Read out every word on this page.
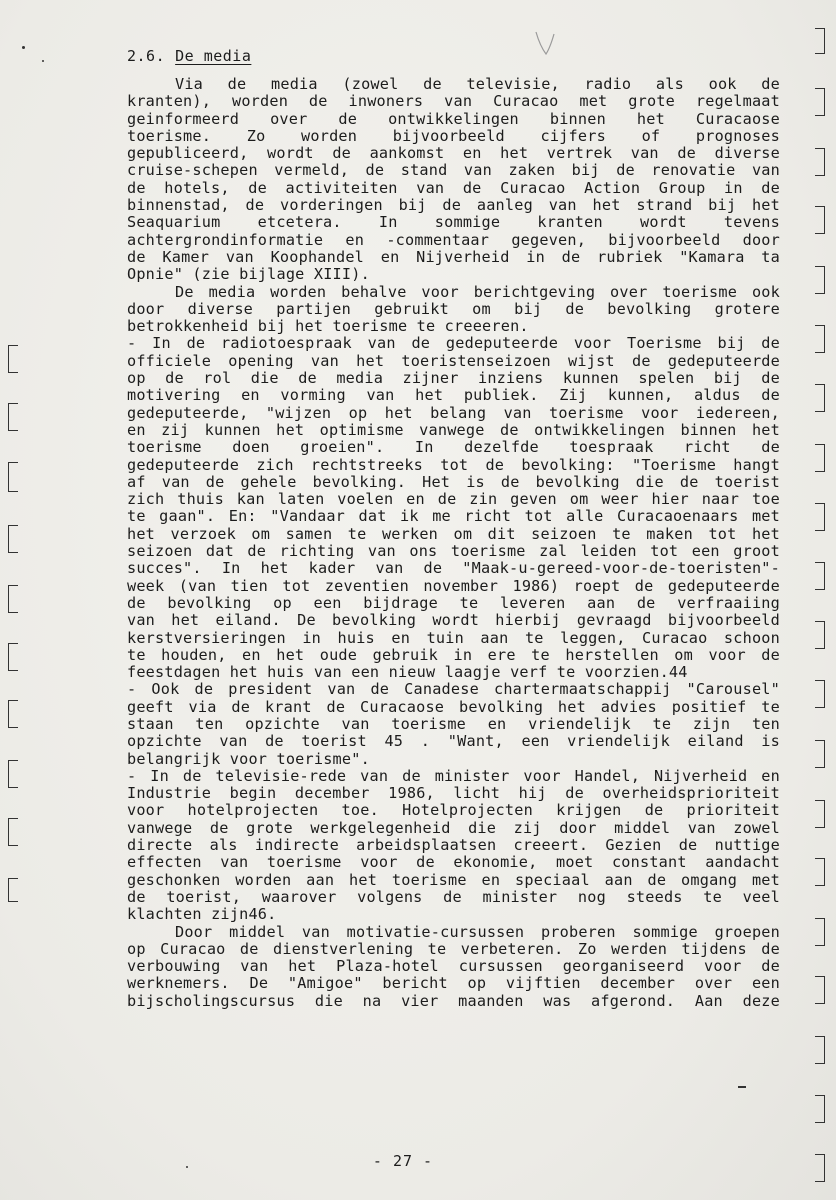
2.6. De media
Via de media (zowel de televisie, radio als ook de
kranten), worden de inwoners van Curacao met grote regelmaat
geinformeerd over de ontwikkelingen binnen het Curacaose
toerisme. Zo worden bijvoorbeeld cijfers of prognoses
gepubliceerd, wordt de aankomst en het vertrek van de diverse
cruise-schepen vermeld, de stand van zaken bij de renovatie van
de hotels, de activiteiten van de Curacao Action Group in de
binnenstad, de vorderingen bij de aanleg van het strand bij het
Seaquarium etcetera. In sommige kranten wordt tevens
achtergrondinformatie en -commentaar gegeven, bijvoorbeeld door
de Kamer van Koophandel en Nijverheid in de rubriek "Kamara ta
Opnie" (zie bijlage XIII).
De media worden behalve voor berichtgeving over toerisme ook
door diverse partijen gebruikt om bij de bevolking grotere
betrokkenheid bij het toerisme te creeeren.
- In de radiotoespraak van de gedeputeerde voor Toerisme bij de
officiele opening van het toeristenseizoen wijst de gedeputeerde
op de rol die de media zijner inziens kunnen spelen bij de
motivering en vorming van het publiek. Zij kunnen, aldus de
gedeputeerde, "wijzen op het belang van toerisme voor iedereen,
en zij kunnen het optimisme vanwege de ontwikkelingen binnen het
toerisme doen groeien". In dezelfde toespraak richt de
gedeputeerde zich rechtstreeks tot de bevolking: "Toerisme hangt
af van de gehele bevolking. Het is de bevolking die de toerist
zich thuis kan laten voelen en de zin geven om weer hier naar toe
te gaan". En: "Vandaar dat ik me richt tot alle Curacaoenaars met
het verzoek om samen te werken om dit seizoen te maken tot het
seizoen dat de richting van ons toerisme zal leiden tot een groot
succes". In het kader van de "Maak-u-gereed-voor-de-toeristen"-
week (van tien tot zeventien november 1986) roept de gedeputeerde
de bevolking op een bijdrage te leveren aan de verfraaiing
van het eiland. De bevolking wordt hierbij gevraagd bijvoorbeeld
kerstversieringen in huis en tuin aan te leggen, Curacao schoon
te houden, en het oude gebruik in ere te herstellen om voor de
feestdagen het huis van een nieuw laagje verf te voorzien.44
- Ook de president van de Canadese chartermaatschappij "Carousel"
geeft via de krant de Curacaose bevolking het advies positief te
staan ten opzichte van toerisme en vriendelijk te zijn ten
opzichte van de toerist 45 . "Want, een vriendelijk eiland is
belangrijk voor toerisme".
- In de televisie-rede van de minister voor Handel, Nijverheid en
Industrie begin december 1986, licht hij de overheidsprioriteit
voor hotelprojecten toe. Hotelprojecten krijgen de prioriteit
vanwege de grote werkgelegenheid die zij door middel van zowel
directe als indirecte arbeidsplaatsen creeert. Gezien de nuttige
effecten van toerisme voor de ekonomie, moet constant aandacht
geschonken worden aan het toerisme en speciaal aan de omgang met
de toerist, waarover volgens de minister nog steeds te veel
klachten zijn46.
Door middel van motivatie-cursussen proberen sommige groepen
op Curacao de dienstverlening te verbeteren. Zo werden tijdens de
verbouwing van het Plaza-hotel cursussen georganiseerd voor de
werknemers. De "Amigoe" bericht op vijftien december over een
bijscholingscursus die na vier maanden was afgerond. Aan deze
- 27 -
